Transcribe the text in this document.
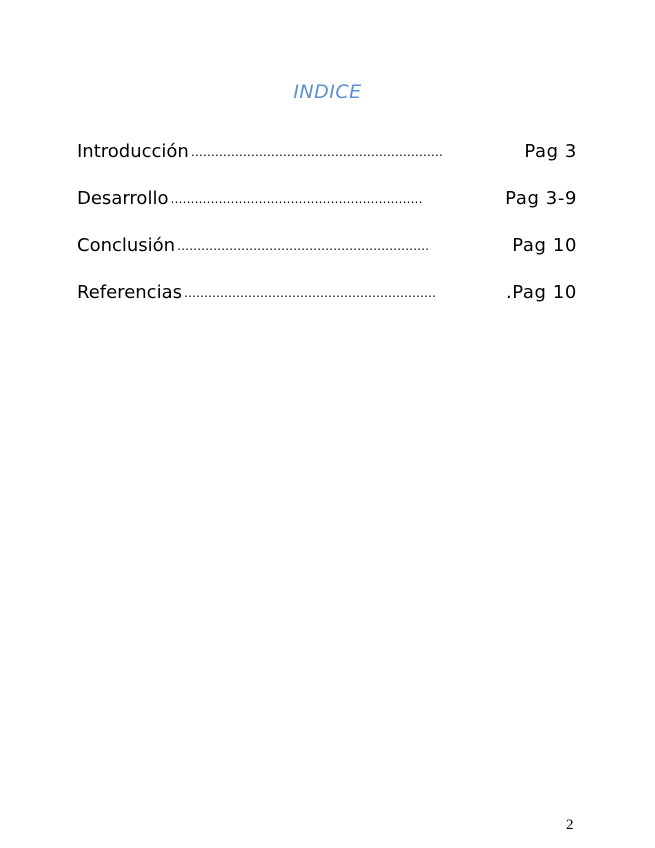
INDICE
Introducción ………………………………………………………	Pag 3
Desarrollo ………………………………………………………	Pag 3-9
Conclusión ………………………………………………………	Pag 10
Referencias ………………………………………………………	.Pag 10
2
